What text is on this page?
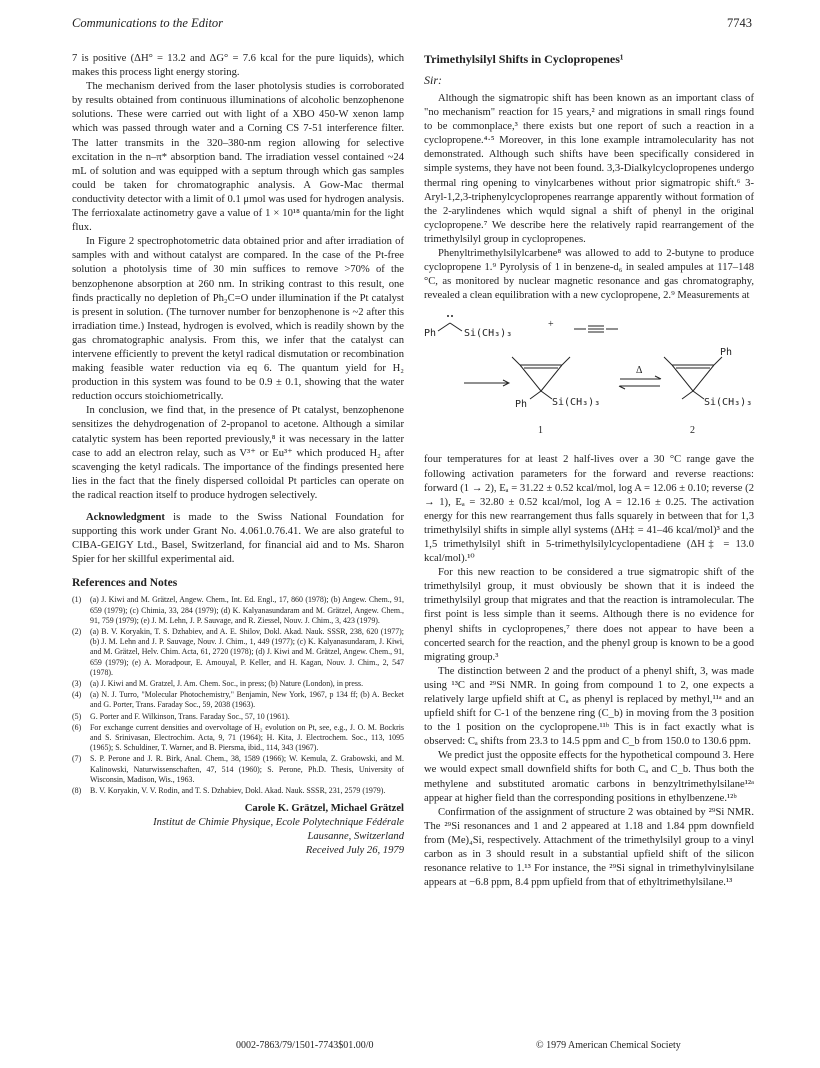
Communications to the Editor	7743

7 is positive (ΔH° = 13.2 and ΔG° = 7.6 kcal for the pure liquids), which makes this process light energy storing.

The mechanism derived from the laser photolysis studies is corroborated by results obtained from continuous illuminations of alcoholic benzophenone solutions. These were carried out with light of a XBO 450-W xenon lamp which was passed through water and a Corning CS 7-51 interference filter. The latter transmits in the 320–380-nm region allowing for selective excitation in the n–π* absorption band. The irradiation vessel contained ~24 mL of solution and was equipped with a septum through which gas samples could be taken for chromatographic analysis. A Gow-Mac thermal conductivity detector with a limit of 0.1 μmol was used for hydrogen analysis. The ferrioxalate actinometry gave a value of 1 × 10¹⁸ quanta/min for the light flux.

In Figure 2 spectrophotometric data obtained prior and after irradiation of samples with and without catalyst are compared. In the case of the Pt-free solution a photolysis time of 30 min suffices to remove >70% of the benzophenone absorption at 260 nm. In striking contrast to this result, one finds practically no depletion of Ph₂C=O under illumination if the Pt catalyst is present in solution. (The turnover number for benzophenone is ~2 after this irradiation time.) Instead, hydrogen is evolved, which is readily shown by the gas chromatographic analysis. From this, we infer that the catalyst can intervene efficiently to prevent the ketyl radical dismutation or recombination making feasible water reduction via eq 6. The quantum yield for H₂ production in this system was found to be 0.9 ± 0.1, showing that the water reduction occurs stoichiometrically.

In conclusion, we find that, in the presence of Pt catalyst, benzophenone sensitizes the dehydrogenation of 2-propanol to acetone. Although a similar catalytic system has been reported previously,⁸ it was necessary in the latter case to add an electron relay, such as V³⁺ or Eu³⁺ which produced H₂ after scavenging the ketyl radicals. The importance of the findings presented here lies in the fact that the finely dispersed colloidal Pt particles can operate on the radical reaction itself to produce hydrogen selectively.

Acknowledgment is made to the Swiss National Foundation for supporting this work under Grant No. 4.061.0.76.41. We are also grateful to CIBA-GEIGY Ltd., Basel, Switzerland, for financial aid and to Ms. Sharon Spier for her skillful experimental aid.

References and Notes
(1)	(a) J. Kiwi and M. Grätzel, Angew. Chem., Int. Ed. Engl., 17, 860 (1978); (b) Angew. Chem., 91, 659 (1979); (c) Chimia, 33, 284 (1979); (d) K. Kalyanasundaram and M. Grätzel, Angew. Chem., 91, 759 (1979); (e) J. M. Lehn, J. P. Sauvage, and R. Ziessel, Nouv. J. Chim., 3, 423 (1979).
(2)	(a) B. V. Koryakin, T. S. Dzhabiev, and A. E. Shilov, Dokl. Akad. Nauk. SSSR, 238, 620 (1977); (b) J. M. Lehn and J. P. Sauvage, Nouv. J. Chim., 1, 449 (1977); (c) K. Kalyanasundaram, J. Kiwi, and M. Grätzel, Helv. Chim. Acta, 61, 2720 (1978); (d) J. Kiwi and M. Grätzel, Angew. Chem., 91, 659 (1979); (e) A. Moradpour, E. Amouyal, P. Keller, and H. Kagan, Nouv. J. Chim., 2, 547 (1978).
(3)	(a) J. Kiwi and M. Gratzel, J. Am. Chem. Soc., in press; (b) Nature (London), in press.
(4)	(a) N. J. Turro, "Molecular Photochemistry," Benjamin, New York, 1967, p 134 ff; (b) A. Becket and G. Porter, Trans. Faraday Soc., 59, 2038 (1963).
(5)	G. Porter and F. Wilkinson, Trans. Faraday Soc., 57, 10 (1961).
(6)	For exchange current densities and overvoltage of H₂ evolution on Pt, see, e.g., J. O. M. Bockris and S. Srinivasan, Electrochim. Acta, 9, 71 (1964); H. Kita, J. Electrochem. Soc., 113, 1095 (1965); S. Schuldiner, T. Warner, and B. Piersma, ibid., 114, 343 (1967).
(7)	S. P. Perone and J. R. Birk, Anal. Chem., 38, 1589 (1966); W. Kemula, Z. Grabowski, and M. Kalinowski, Naturwissenschaften, 47, 514 (1960); S. Perone, Ph.D. Thesis, University of Wisconsin, Madison, Wis., 1963.
(8)	B. V. Koryakin, V. V. Rodin, and T. S. Dzhabiev, Dokl. Akad. Nauk. SSSR, 231, 2579 (1979).
Carole K. Grätzel, Michael Grätzel
Institut de Chimie Physique, Ecole Polytechnique Fédérale
Lausanne, Switzerland
Received July 26, 1979
Trimethylsilyl Shifts in Cyclopropenes¹
Sir:

Although the sigmatropic shift has been known as an important class of "no mechanism" reaction for 15 years,² and migrations in small rings found to be commonplace,³ there exists but one report of such a reaction in a cyclopropene.⁴·⁵ Moreover, in this lone example intramolecularity has not demonstrated. Although such shifts have been specifically considered in simple systems, they have not been found. 3,3-Dialkylcyclopropenes undergo thermal ring opening to vinylcarbenes without prior sigmatropic shift.⁶ 3-Aryl-1,2,3-triphenylcyclopropenes rearrange apparently without formation of the 2-arylindenes which wquld signal a shift of phenyl in the original cyclopropene.⁷ We describe here the relatively rapid rearrangement of the trimethylsilyl group in cyclopropenes.

Phenyltrimethylsilylcarbene⁸ was allowed to add to 2-butyne to produce cyclopropene 1.⁹ Pyrolysis of 1 in benzene-d₆ in sealed ampules at 117–148 °C, as monitored by nuclear magnetic resonance and gas chromatography, revealed a clean equilibration with a new cyclopropene, 2.⁹ Measurements at

Ph	Si(CH₃)₃
+
Ph Si(CH₃)₃
Δ
Ph
Si(CH₃)₃
1	2

four temperatures for at least 2 half-lives over a 30 °C range gave the following activation parameters for the forward and reverse reactions: forward (1 → 2), Eₐ = 31.22 ± 0.52 kcal/mol, log A = 12.06 ± 0.10; reverse (2 → 1), Eₐ = 32.80 ± 0.52 kcal/mol, log A = 12.16 ± 0.25. The activation energy for this new rearrangement thus falls squarely in between that for 1,3 trimethylsilyl shifts in simple allyl systems (ΔH‡ = 41–46 kcal/mol)³ and the 1,5 trimethylsilyl shift in 5-trimethylsilylcyclopentadiene (ΔH‡ = 13.0 kcal/mol).¹⁰

For this new reaction to be considered a true sigmatropic shift of the trimethylsilyl group, it must obviously be shown that it is indeed the trimethylsilyl group that migrates and that the reaction is intramolecular. The first point is less simple than it seems. Although there is no evidence for phenyl shifts in cyclopropenes,⁷ there does not appear to have been a concerted search for the reaction, and the phenyl group is known to be a good migrating group.³

The distinction between 2 and the product of a phenyl shift, 3, was made using ¹³C and ²⁹Si NMR. In going from compound 1 to 2, one expects a relatively large upfield shift at Cₐ as phenyl is replaced by methyl,¹¹ᵃ and an upfield shift for C-1 of the benzene ring (C_b) in moving from the 3 position to the 1 position on the cyclopropene.¹¹ᵇ This is in fact exactly what is observed: Cₐ shifts from 23.3 to 14.5 ppm and C_b from 150.0 to 130.6 ppm.

We predict just the opposite effects for the hypothetical compound 3. Here we would expect small downfield shifts for both Cₐ and C_b. Thus both the methylene and substituted aromatic carbons in benzyltrimethylsilane¹²ᵃ appear at higher field than the corresponding positions in ethylbenzene.¹²ᵇ

Confirmation of the assignment of structure 2 was obtained by ²⁹Si NMR. The ²⁹Si resonances and 1 and 2 appeared at 1.18 and 1.84 ppm downfield from (Me)₄Si, respectively. Attachment of the trimethylsilyl group to a vinyl carbon as in 3 should result in a substantial upfield shift of the silicon resonance relative to 1.¹³ For instance, the ²⁹Si signal in trimethylvinylsilane appears at −6.8 ppm, 8.4 ppm upfield from that of ethyltrimethylsilane.¹³

0002-7863/79/1501-7743$01.00/0	© 1979 American Chemical Society
